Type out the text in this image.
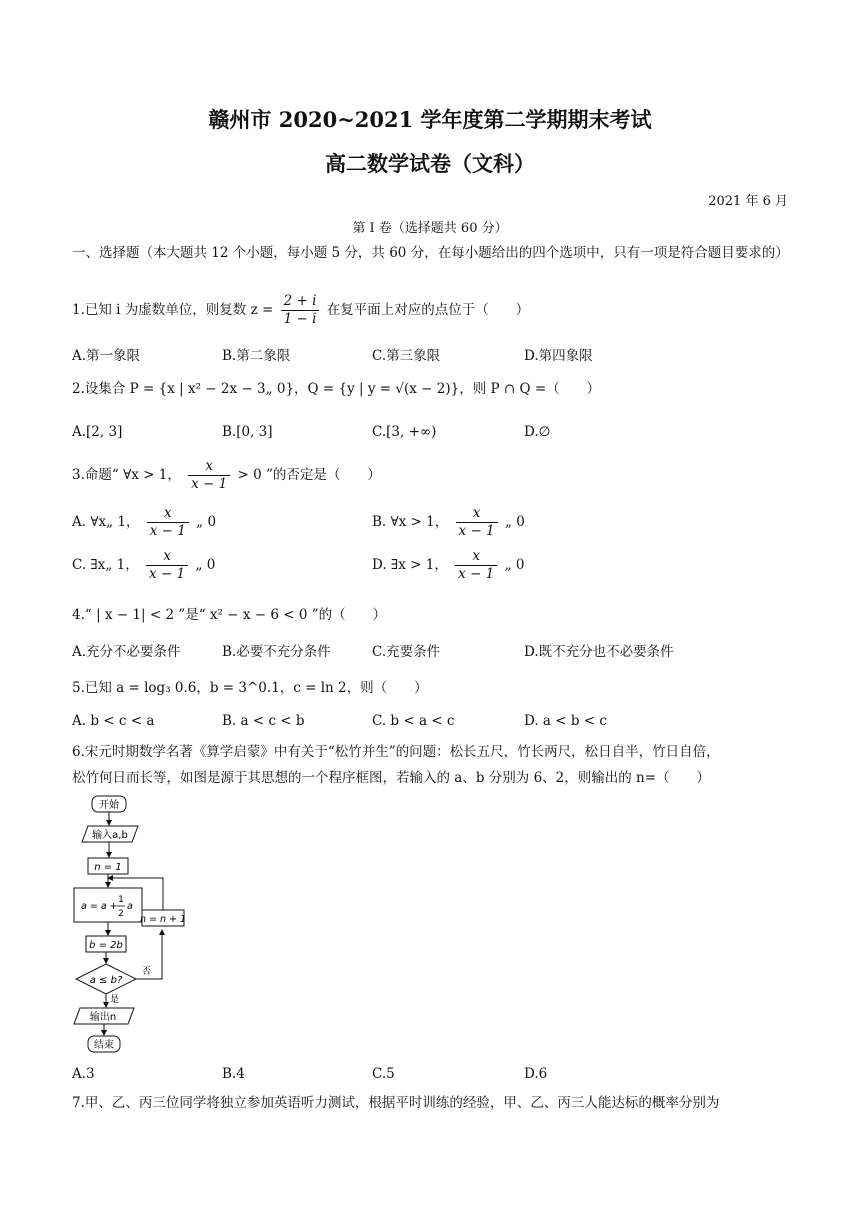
赣州市 2020~2021 学年度第二学期期末考试
高二数学试卷（文科）
2021 年 6 月
第 I 卷（选择题共 60 分）
一、选择题（本大题共 12 个小题，每小题 5 分，共 60 分，在每小题给出的四个选项中，只有一项是符合题目要求的）
1.已知 i 为虚数单位，则复数 $z = \frac{2 + i}{1 - i}$ 在复平面上对应的点位于（　　）
A.第一象限	B.第二象限	C.第三象限	D.第四象限
2.设集合 P = {x | x² − 2x − 3„ 0}，Q = {y | y = √(x − 2)}，则 P ∩ Q =（　　）
A.[2, 3]	B.[0, 3]	C.[3, +∞)	D.∅
3.命题“ ∀x > 1， $\frac{x}{x - 1} > 0$ ”的否定是（　　）
A. ∀x„ 1， $\frac{x}{x - 1}$ „ 0	B. ∀x > 1， $\frac{x}{x - 1}$ „ 0
C. ∃x„ 1， $\frac{x}{x - 1}$ „ 0	D. ∃x > 1， $\frac{x}{x - 1}$ „ 0
4.“ | x − 1| < 2 ”是“ x² − x − 6 < 0 ”的（　　）
A.充分不必要条件	B.必要不充分条件	C.充要条件	D.既不充分也不必要条件
5.已知 a = log₃ 0.6，b = 3^0.1，c = ln 2，则（　　）
A. b < c < a	B. a < c < b	C. b < a < c	D. a < b < c
6.宋元时期数学名著《算学启蒙》中有关于“松竹并生”的问题：松长五尺，竹长两尺，松日自半，竹日自倍，
松竹何日而长等，如图是源于其思想的一个程序框图，若输入的 a、b 分别为 6、2，则输出的 n=（　　）
开始
输入a,b
n = 1
a = a +
1
2
a
b = 2b
a ≤ b?
否
n = n + 1
是
输出n
结束
A.3	B.4	C.5	D.6
7.甲、乙、丙三位同学将独立参加英语听力测试，根据平时训练的经验，甲、乙、丙三人能达标的概率分别为
